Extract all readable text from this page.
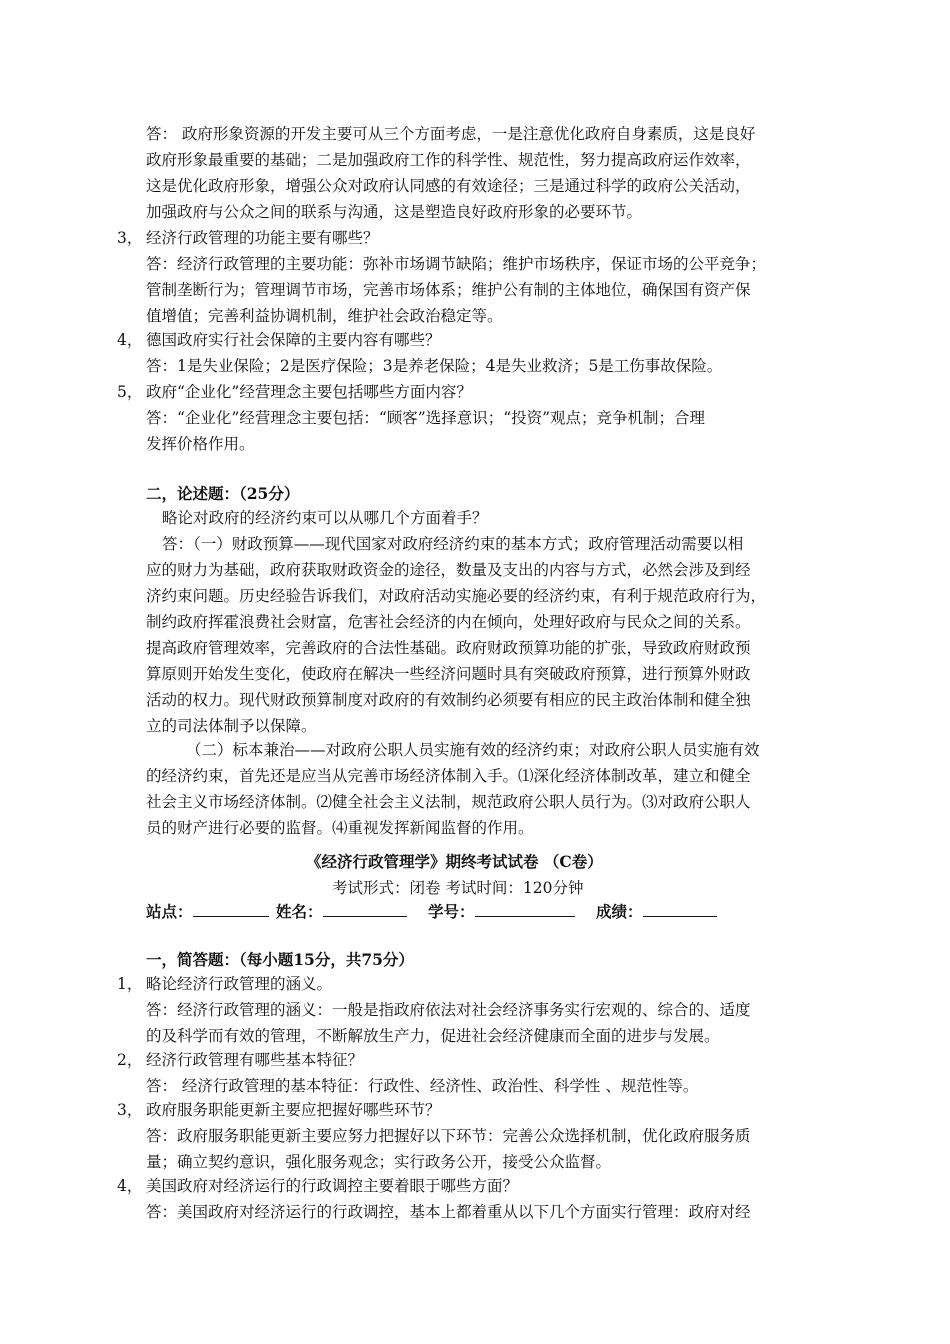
答： 政府形象资源的开发主要可从三个方面考虑，一是注意优化政府自身素质，这是良好
政府形象最重要的基础；二是加强政府工作的科学性、规范性，努力提高政府运作效率，
这是优化政府形象，增强公众对政府认同感的有效途径；三是通过科学的政府公关活动，
加强政府与公众之间的联系与沟通，这是塑造良好政府形象的必要环节。
3， 经济行政管理的功能主要有哪些？
答：经济行政管理的主要功能：弥补市场调节缺陷；维护市场秩序，保证市场的公平竞争；
管制垄断行为；管理调节市场，完善市场体系；维护公有制的主体地位，确保国有资产保
值增值；完善利益协调机制，维护社会政治稳定等。
4， 德国政府实行社会保障的主要内容有哪些？
答：1是失业保险；2是医疗保险；3是养老保险；4是失业救济；5是工伤事故保险。
5， 政府“企业化”经营理念主要包括哪些方面内容？
答：“企业化”经营理念主要包括：“顾客”选择意识；“投资”观点；竞争机制；合理
发挥价格作用。
二，论述题：（25分）
略论对政府的经济约束可以从哪几个方面着手？
答：（一）财政预算——现代国家对政府经济约束的基本方式；政府管理活动需要以相
应的财力为基础，政府获取财政资金的途径，数量及支出的内容与方式，必然会涉及到经
济约束问题。历史经验告诉我们，对政府活动实施必要的经济约束，有利于规范政府行为，
制约政府挥霍浪费社会财富，危害社会经济的内在倾向，处理好政府与民众之间的关系。
提高政府管理效率，完善政府的合法性基础。政府财政预算功能的扩张，导致政府财政预
算原则开始发生变化，使政府在解决一些经济问题时具有突破政府预算，进行预算外财政
活动的权力。现代财政预算制度对政府的有效制约必须要有相应的民主政治体制和健全独
立的司法体制予以保障。
（二）标本兼治——对政府公职人员实施有效的经济约束；对政府公职人员实施有效
的经济约束，首先还是应当从完善市场经济体制入手。⑴深化经济体制改革，建立和健全
社会主义市场经济体制。⑵健全社会主义法制，规范政府公职人员行为。⑶对政府公职人
员的财产进行必要的监督。⑷重视发挥新闻监督的作用。
《经济行政管理学》期终考试试卷 （C卷）
考试形式：闭卷 考试时间：120分钟
站点：	姓名：	学号：	成绩：
一，简答题：（每小题15分，共75分）
1， 略论经济行政管理的涵义。
答：经济行政管理的涵义：一般是指政府依法对社会经济事务实行宏观的、综合的、适度
的及科学而有效的管理，不断解放生产力，促进社会经济健康而全面的进步与发展。
2， 经济行政管理有哪些基本特征？
答： 经济行政管理的基本特征：行政性、经济性、政治性、科学性 、规范性等。
3， 政府服务职能更新主要应把握好哪些环节？
答：政府服务职能更新主要应努力把握好以下环节：完善公众选择机制，优化政府服务质
量；确立契约意识，强化服务观念；实行政务公开，接受公众监督。
4， 美国政府对经济运行的行政调控主要着眼于哪些方面？
答：美国政府对经济运行的行政调控，基本上都着重从以下几个方面实行管理：政府对经
